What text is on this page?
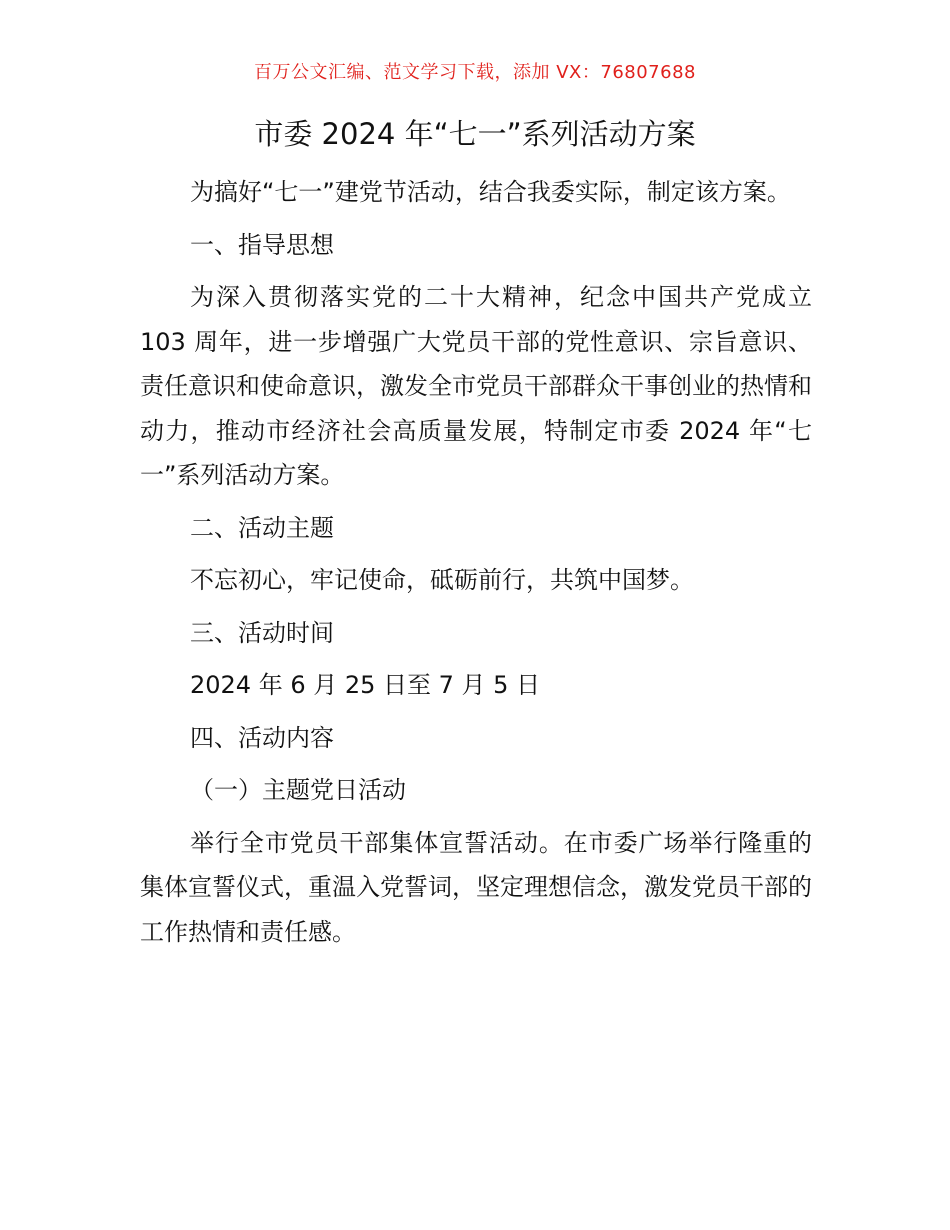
百万公文汇编、范文学习下载，添加 VX：76807688
市委 2024 年“七一”系列活动方案

为搞好“七一”建党节活动，结合我委实际，制定该方案。

一、指导思想

为深入贯彻落实党的二十大精神，纪念中国共产党成立 103 周年，进一步增强广大党员干部的党性意识、宗旨意识、责任意识和使命意识，激发全市党员干部群众干事创业的热情和动力，推动市经济社会高质量发展，特制定市委 2024 年“七一”系列活动方案。

二、活动主题

不忘初心，牢记使命，砥砺前行，共筑中国梦。

三、活动时间

2024 年 6 月 25 日至 7 月 5 日

四、活动内容

（一）主题党日活动

举行全市党员干部集体宣誓活动。在市委广场举行隆重的集体宣誓仪式，重温入党誓词，坚定理想信念，激发党员干部的工作热情和责任感。
